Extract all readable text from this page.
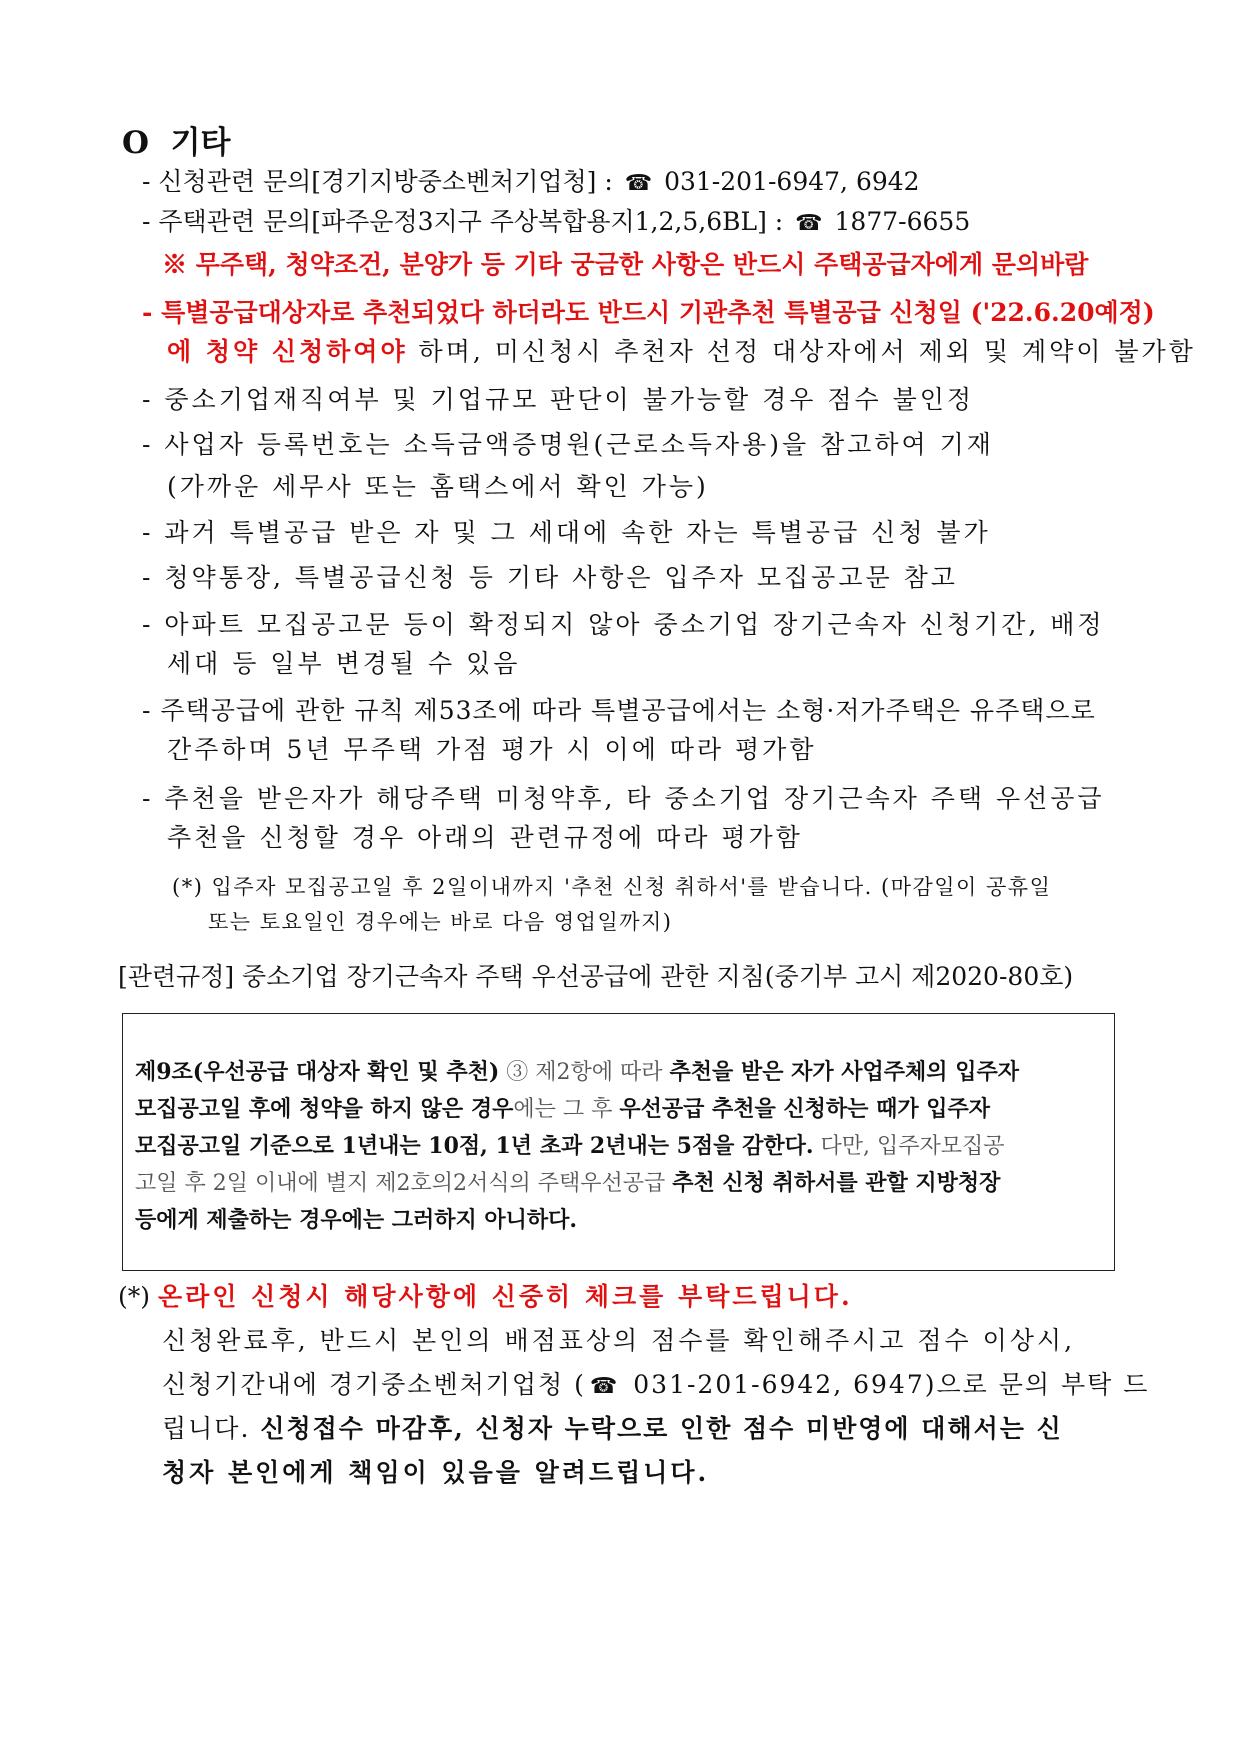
O 기타
- 신청관련 문의[경기지방중소벤처기업청] : ☎ 031-201-6947, 6942
- 주택관련 문의[파주운정3지구 주상복합용지1,2,5,6BL] : ☎ 1877-6655
※ 무주택, 청약조건, 분양가 등 기타 궁금한 사항은 반드시 주택공급자에게 문의바람
- 특별공급대상자로 추천되었다 하더라도 반드시 기관추천 특별공급 신청일 ('22.6.20예정)
에 청약 신청하여야 하며, 미신청시 추천자 선정 대상자에서 제외 및 계약이 불가함
- 중소기업재직여부 및 기업규모 판단이 불가능할 경우 점수 불인정
- 사업자 등록번호는 소득금액증명원(근로소득자용)을 참고하여 기재
(가까운 세무사 또는 홈택스에서 확인 가능)
- 과거 특별공급 받은 자 및 그 세대에 속한 자는 특별공급 신청 불가
- 청약통장, 특별공급신청 등 기타 사항은 입주자 모집공고문 참고
- 아파트 모집공고문 등이 확정되지 않아 중소기업 장기근속자 신청기간, 배정
세대 등 일부 변경될 수 있음
- 주택공급에 관한 규칙 제53조에 따라 특별공급에서는 소형·저가주택은 유주택으로
간주하며 5년 무주택 가점 평가 시 이에 따라 평가함
- 추천을 받은자가 해당주택 미청약후, 타 중소기업 장기근속자 주택 우선공급
추천을 신청할 경우 아래의 관련규정에 따라 평가함
(*) 입주자 모집공고일 후 2일이내까지 '추천 신청 취하서'를 받습니다. (마감일이 공휴일
또는 토요일인 경우에는 바로 다음 영업일까지)
[관련규정] 중소기업 장기근속자 주택 우선공급에 관한 지침(중기부 고시 제2020-80호)
제9조(우선공급 대상자 확인 및 추천) ③ 제2항에 따라 추천을 받은 자가 사업주체의 입주자
모집공고일 후에 청약을 하지 않은 경우에는 그 후 우선공급 추천을 신청하는 때가 입주자
모집공고일 기준으로 1년내는 10점, 1년 초과 2년내는 5점을 감한다. 다만, 입주자모집공
고일 후 2일 이내에 별지 제2호의2서식의 주택우선공급 추천 신청 취하서를 관할 지방청장
등에게 제출하는 경우에는 그러하지 아니하다.
(*) 온라인 신청시 해당사항에 신중히 체크를 부탁드립니다.
신청완료후, 반드시 본인의 배점표상의 점수를 확인해주시고 점수 이상시,
신청기간내에 경기중소벤처기업청 ( ☎ 031-201-6942, 6947)으로 문의 부탁 드
립니다. 신청접수 마감후, 신청자 누락으로 인한 점수 미반영에 대해서는 신
청자 본인에게 책임이 있음을 알려드립니다.
